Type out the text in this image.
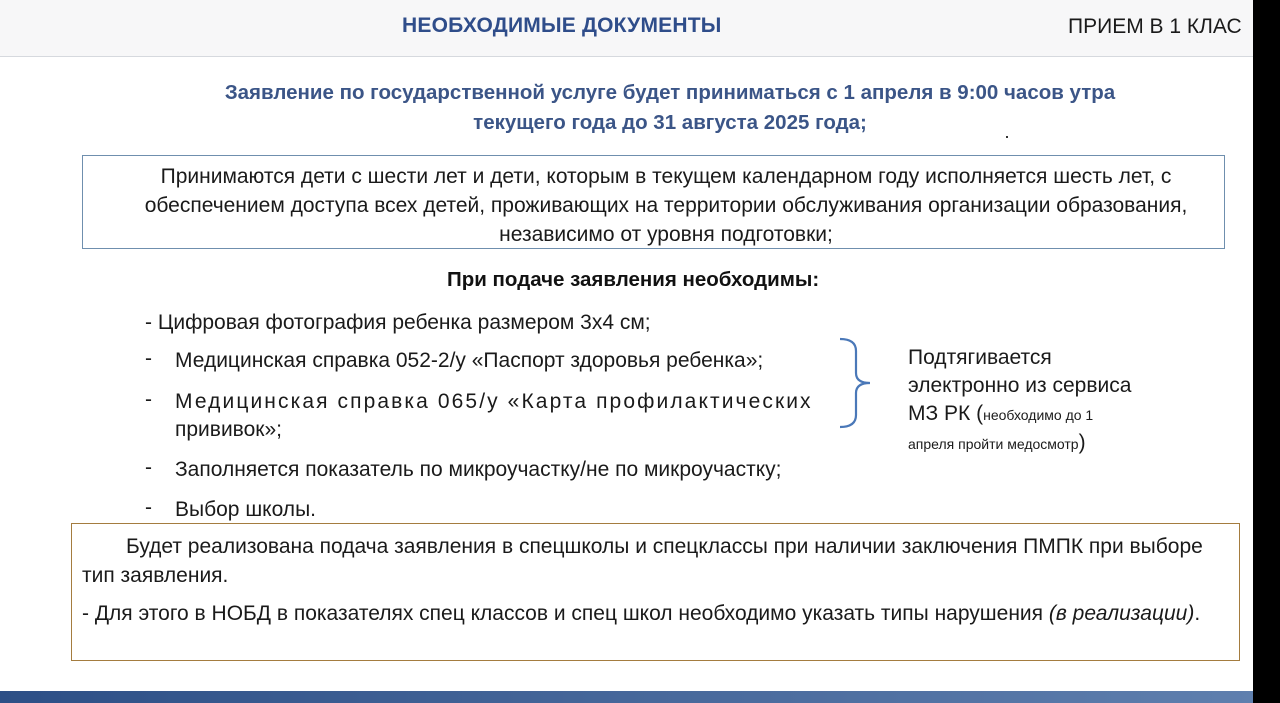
НЕОБХОДИМЫЕ ДОКУМЕНТЫ	ПРИЕМ В 1 КЛАС
Заявление по государственной услуге будет приниматься с 1 апреля в 9:00 часов утра
текущего года до 31 августа 2025 года;

Принимаются дети с шести лет и дети, которым в текущем календарном году исполняется шесть лет, с обеспечением доступа всех детей, проживающих на территории обслуживания организации образования, независимо от уровня подготовки;

При подаче заявления необходимы:
- Цифровая фотография ребенка размером 3х4 см;
- Медицинская справка 052-2/у «Паспорт здоровья ребенка»;
- Медицинская справка 065/у «Карта профилактических
прививок»;
- Заполняется показатель по микроучастку/не по микроучастку;
- Выбор школы.
Подтягивается
электронно из сервиса
МЗ РК (необходимо до 1
апреля пройти медосмотр)

Будет реализована подача заявления в спецшколы и спецклассы при наличии заключения ПМПК при выборе тип заявления.

- Для этого в НОБД в показателях спец классов и спец школ необходимо указать типы нарушения (в реализации).
